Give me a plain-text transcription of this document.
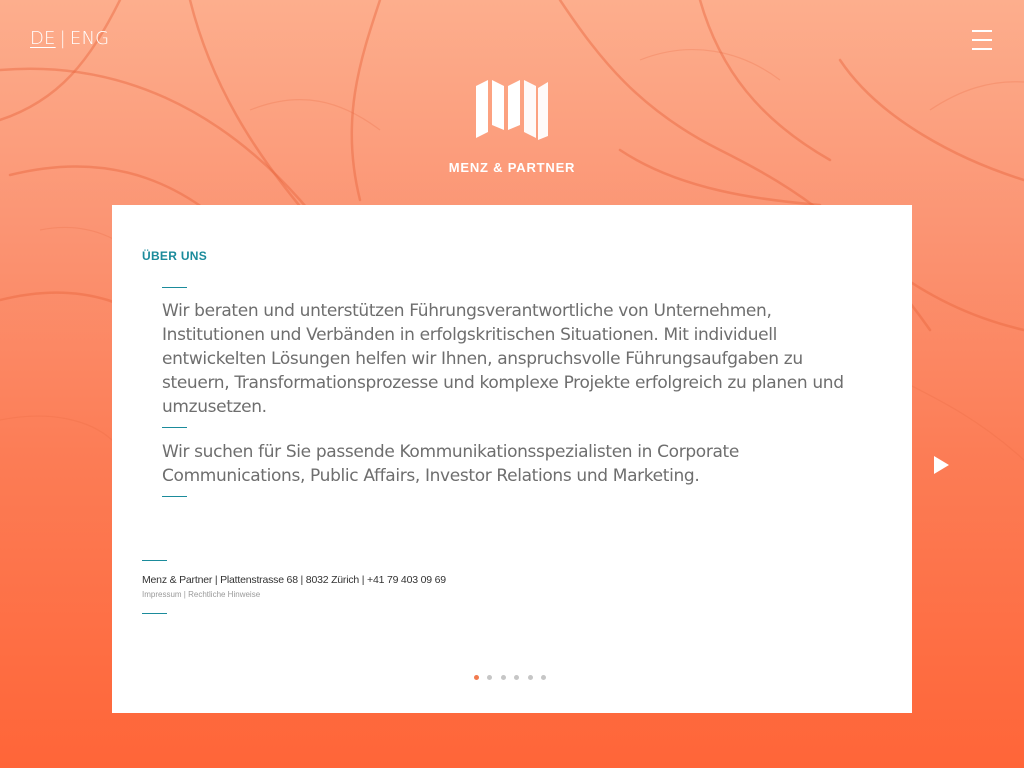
DE | ENG
MENZ & PARTNER
ÜBER UNS
Wir beraten und unterstützen Führungsverantwortliche von Unternehmen, Institutionen und Verbänden in erfolgskritischen Situationen. Mit individuell entwickelten Lösungen helfen wir Ihnen, anspruchsvolle Führungsaufgaben zu steuern, Transformationsprozesse und komplexe Projekte erfolgreich zu planen und umzusetzen.
Wir suchen für Sie passende Kommunikationsspezialisten in Corporate Communications, Public Affairs, Investor Relations und Marketing.
Menz & Partner | Plattenstrasse 68 | 8032 Zürich | +41 79 403 09 69
Impressum | Rechtliche Hinweise
